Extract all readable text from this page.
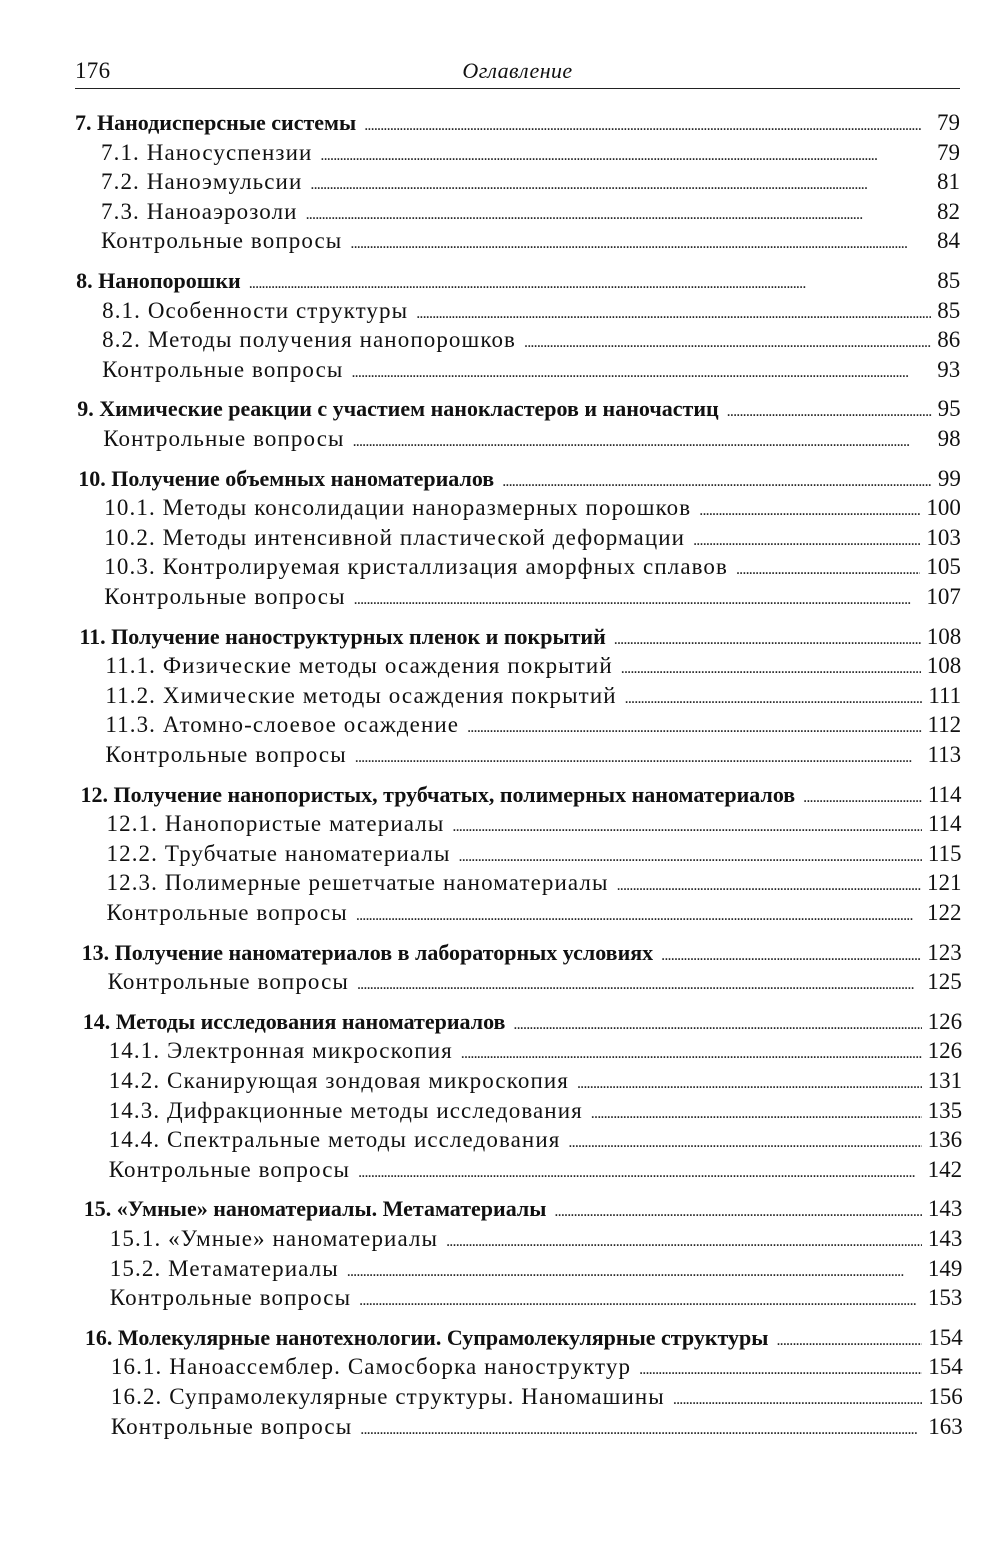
176	Оглавление
7. Нанодисперсные системы . . .	79
7.1. Наносуспензии . . .	79
7.2. Наноэмульсии . . .	81
7.3. Наноаэрозоли . . .	82
Контрольные вопросы . . .	84
8. Нанопорошки . . .	85
8.1. Особенности структуры . . .	85
8.2. Методы получения нанопорошков . . .	86
Контрольные вопросы . . .	93
9. Химические реакции с участием нанокластеров и наночастиц . . .	95
Контрольные вопросы . . .	98
10. Получение объемных наноматериалов . . .	99
10.1. Методы консолидации наноразмерных порошков . . .	100
10.2. Методы интенсивной пластической деформации . . .	103
10.3. Контролируемая кристаллизация аморфных сплавов . . .	105
Контрольные вопросы . . .	107
11. Получение наноструктурных пленок и покрытий . . .	108
11.1. Физические методы осаждения покрытий . . .	108
11.2. Химические методы осаждения покрытий . . .	111
11.3. Атомно-слоевое осаждение . . .	112
Контрольные вопросы . . .	113
12. Получение нанопористых, трубчатых, полимерных наноматериалов . . .	114
12.1. Нанопористые материалы . . .	114
12.2. Трубчатые наноматериалы . . .	115
12.3. Полимерные решетчатые наноматериалы . . .	121
Контрольные вопросы . . .	122
13. Получение наноматериалов в лабораторных условиях . . .	123
Контрольные вопросы . . .	125
14. Методы исследования наноматериалов . . .	126
14.1. Электронная микроскопия . . .	126
14.2. Сканирующая зондовая микроскопия . . .	131
14.3. Дифракционные методы исследования . . .	135
14.4. Спектральные методы исследования . . .	136
Контрольные вопросы . . .	142
15. «Умные» наноматериалы. Метаматериалы . . .	143
15.1. «Умные» наноматериалы . . .	143
15.2. Метаматериалы . . .	149
Контрольные вопросы . . .	153
16. Молекулярные нанотехнологии. Супрамолекулярные структуры . . .	154
16.1. Наноассемблер. Самосборка наноструктур . . .	154
16.2. Супрамолекулярные структуры. Наномашины . . .	156
Контрольные вопросы . . .	163
